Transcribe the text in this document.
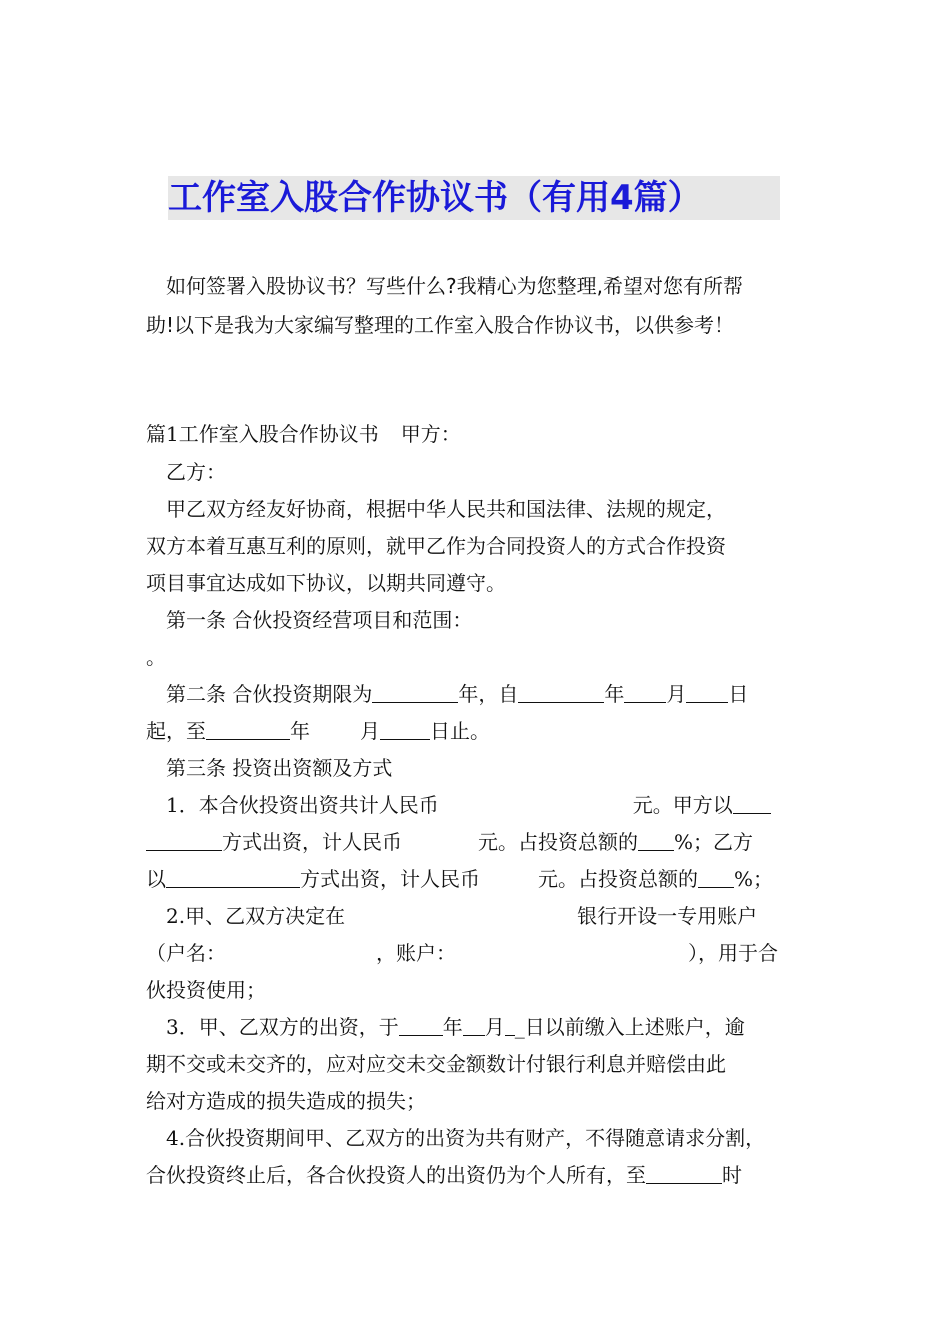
工作室入股合作协议书（有用4篇）
如何签署入股协议书？写些什么?我精心为您整理,希望对您有所帮
助!以下是我为大家编写整理的工作室入股合作协议书，以供参考！
篇1工作室入股合作协议书 甲方：
乙方：
甲乙双方经友好协商，根据中华人民共和国法律、法规的规定，
双方本着互惠互利的原则，就甲乙作为合同投资人的方式合作投资
项目事宜达成如下协议，以期共同遵守。
第一条 合伙投资经营项目和范围：
。
第二条 合伙投资期限为	年，自	年 月 日
起，至	年	月	日止。
第三条 投资出资额及方式
1．本合伙投资出资共计人民币	元。甲方以
方式出资，计人民币	元。占投资总额的 %；乙方
以	方式出资，计人民币	元。占投资总额的 %；
2.甲、乙双方决定在	银行开设一专用账户
（户名：	，账户：	），用于合
伙投资使用；
3．甲、乙双方的出资，于 年 月 _日以前缴入上述账户，逾
期不交或未交齐的，应对应交未交金额数计付银行利息并赔偿由此
给对方造成的损失造成的损失；
4.合伙投资期间甲、乙双方的出资为共有财产，不得随意请求分割，
合伙投资终止后，各合伙投资人的出资仍为个人所有，至	时
